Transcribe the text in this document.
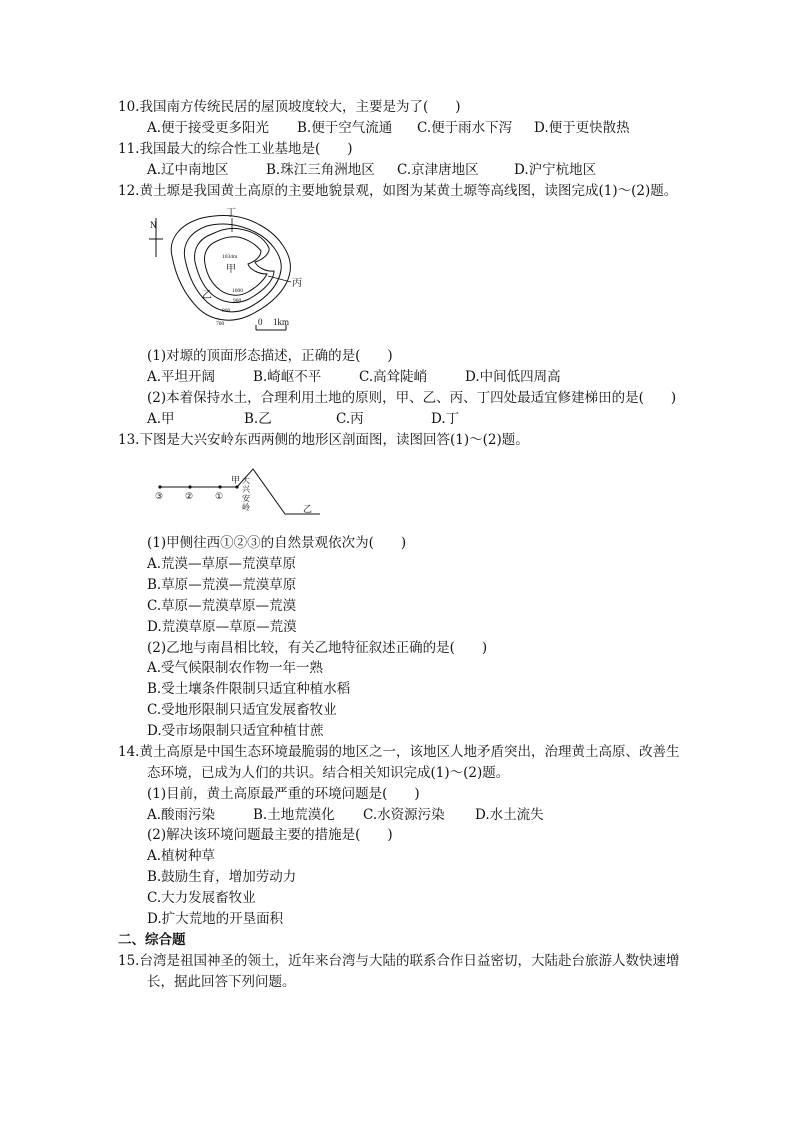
10.我国南方传统民居的屋顶坡度较大，主要是为了(　　)
A.便于接受更多阳光 B.便于空气流通 C.便于雨水下泻 D.便于更快散热
11.我国最大的综合性工业基地是(　　)
A.辽中南地区	B.珠江三角洲地区 C.京津唐地区	D.沪宁杭地区
12.黄土塬是我国黄土高原的主要地貌景观，如图为某黄土塬等高线图，读图完成(1)～(2)题。
N
1034m
甲
丁
乙
丙
1000
900
800
700	0 1km
(1)对塬的顶面形态描述，正确的是(　　)
A.平坦开阔	B.崎岖不平	C.高耸陡峭	D.中间低四周高
(2)本着保持水土，合理利用土地的原则，甲、乙、丙、丁四处最适宜修建梯田的是(　　)
A.甲	B.乙	C.丙	D.丁
13.下图是大兴安岭东西两侧的地形区剖面图，读图回答(1)～(2)题。
③ ② ①
甲 大
兴
安
岭	乙
(1)甲侧往西①②③的自然景观依次为(　　)
A.荒漠—草原—荒漠草原
B.草原—荒漠—荒漠草原
C.草原—荒漠草原—荒漠
D.荒漠草原—草原—荒漠
(2)乙地与南昌相比较，有关乙地特征叙述正确的是(　　)
A.受气候限制农作物一年一熟
B.受土壤条件限制只适宜种植水稻
C.受地形限制只适宜发展畜牧业
D.受市场限制只适宜种植甘蔗
14.黄土高原是中国生态环境最脆弱的地区之一，该地区人地矛盾突出，治理黄土高原、改善生
态环境，已成为人们的共识。结合相关知识完成(1)～(2)题。
(1)目前，黄土高原最严重的环境问题是(　　)
A.酸雨污染	B.土地荒漠化 C.水资源污染 D.水土流失
(2)解决该环境问题最主要的措施是(　　)
A.植树种草
B.鼓励生育，增加劳动力
C.大力发展畜牧业
D.扩大荒地的开垦面积
二、综合题
15.台湾是祖国神圣的领土，近年来台湾与大陆的联系合作日益密切，大陆赴台旅游人数快速增
长，据此回答下列问题。
